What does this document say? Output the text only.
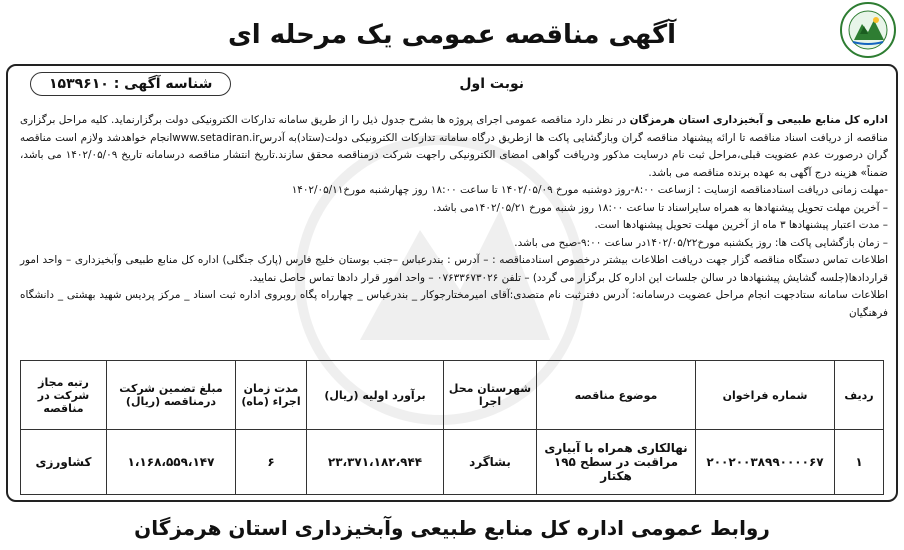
آگهی مناقصه عمومی یک مرحله ای
نوبت اول
شناسه آگهی : ۱۵۳۹۶۱۰

اداره کل منابع طبیعی و آبخیزداری استان هرمزگان در نظر دارد مناقصه عمومی اجرای پروژه ها بشرح جدول ذیل را از طریق سامانه تدارکات الکترونیکی دولت برگزارنماید. کلیه مراحل برگزاری مناقصه از دریافت اسناد مناقصه تا ارائه پیشنهاد مناقصه گران وبازگشایی پاکت ها ازطریق درگاه سامانه تدارکات الکترونیکی دولت(ستاد)به آدرسwww.setadiran.irانجام خواهدشد ولازم است مناقصه گران درصورت عدم عضویت قبلی،مراحل ثبت نام درسایت مذکور ودریافت گواهی امضای الکترونیکی راجهت شرکت درمناقصه محقق سازند.تاریخ انتشار مناقصه درسامانه تاریخ ۱۴۰۲/۰۵/۰۹ می باشد، ضمناً» هزینه درج آگهی به عهده برنده مناقصه می باشد.

-مهلت زمانی دریافت اسنادمناقصه ازسایت : ازساعت ۸:۰۰-روز دوشنبه مورخ ۱۴۰۲/۰۵/۰۹ تا ساعت ۱۸:۰۰ روز چهارشنبه مورخ۱۴۰۲/۰۵/۱۱

– آخرین مهلت تحویل پیشنهادها به همراه سایراسناد تا ساعت ۱۸:۰۰ روز شنبه مورخ ۱۴۰۲/۰۵/۲۱می باشد.

– مدت اعتبار پیشنهادها ۳ ماه از آخرین مهلت تحویل پیشنهادها است.

– زمان بازگشایی پاکت ها: روز یکشنبه مورخ۱۴۰۲/۰۵/۲۲در ساعت ۹:۰۰-صبح می باشد.

اطلاعات تماس دستگاه مناقصه گزار جهت دریافت اطلاعات بیشتر درخصوص اسنادمناقصه : – آدرس : بندرعباس –جنب بوستان خلیج فارس (پارک جنگلی) اداره کل منابع طبیعی وآبخیزداری – واحد امور قراردادها(جلسه گشایش پیشنهادها در سالن جلسات این اداره کل برگزار می گردد) – تلفن ۰۷۶۳۳۶۷۳۰۲۶ – واحد امور قرار دادها تماس حاصل نمایید.

اطلاعات سامانه ستادجهت انجام مراحل عضویت درسامانه: آدرس دفترثبت نام متصدی:آقای امیرمختارجوکار _ بندرعباس _ چهارراه پگاه روبروی اداره ثبت اسناد _ مرکز پردیس شهید بهشتی _ دانشگاه فرهنگیان

ردیف	شماره فراخوان	موضوع مناقصه	شهرستان محل اجرا	برآورد اولیه (ریال)	مدت زمان اجراء (ماه)	مبلغ تضمین شرکت درمناقصه (ریال)	رتبه مجاز شرکت در مناقصه
۱	۲۰۰۲۰۰۳۸۹۹۰۰۰۰۶۷	نهالکاری همراه با آبیاری مراقبت در سطح ۱۹۵ هکتار	بشاگرد	۲۳،۳۷۱،۱۸۲،۹۴۴	۶	۱،۱۶۸،۵۵۹،۱۴۷	کشاورزی
روابط عمومی اداره کل منابع طبیعی وآبخیزداری استان هرمزگان
